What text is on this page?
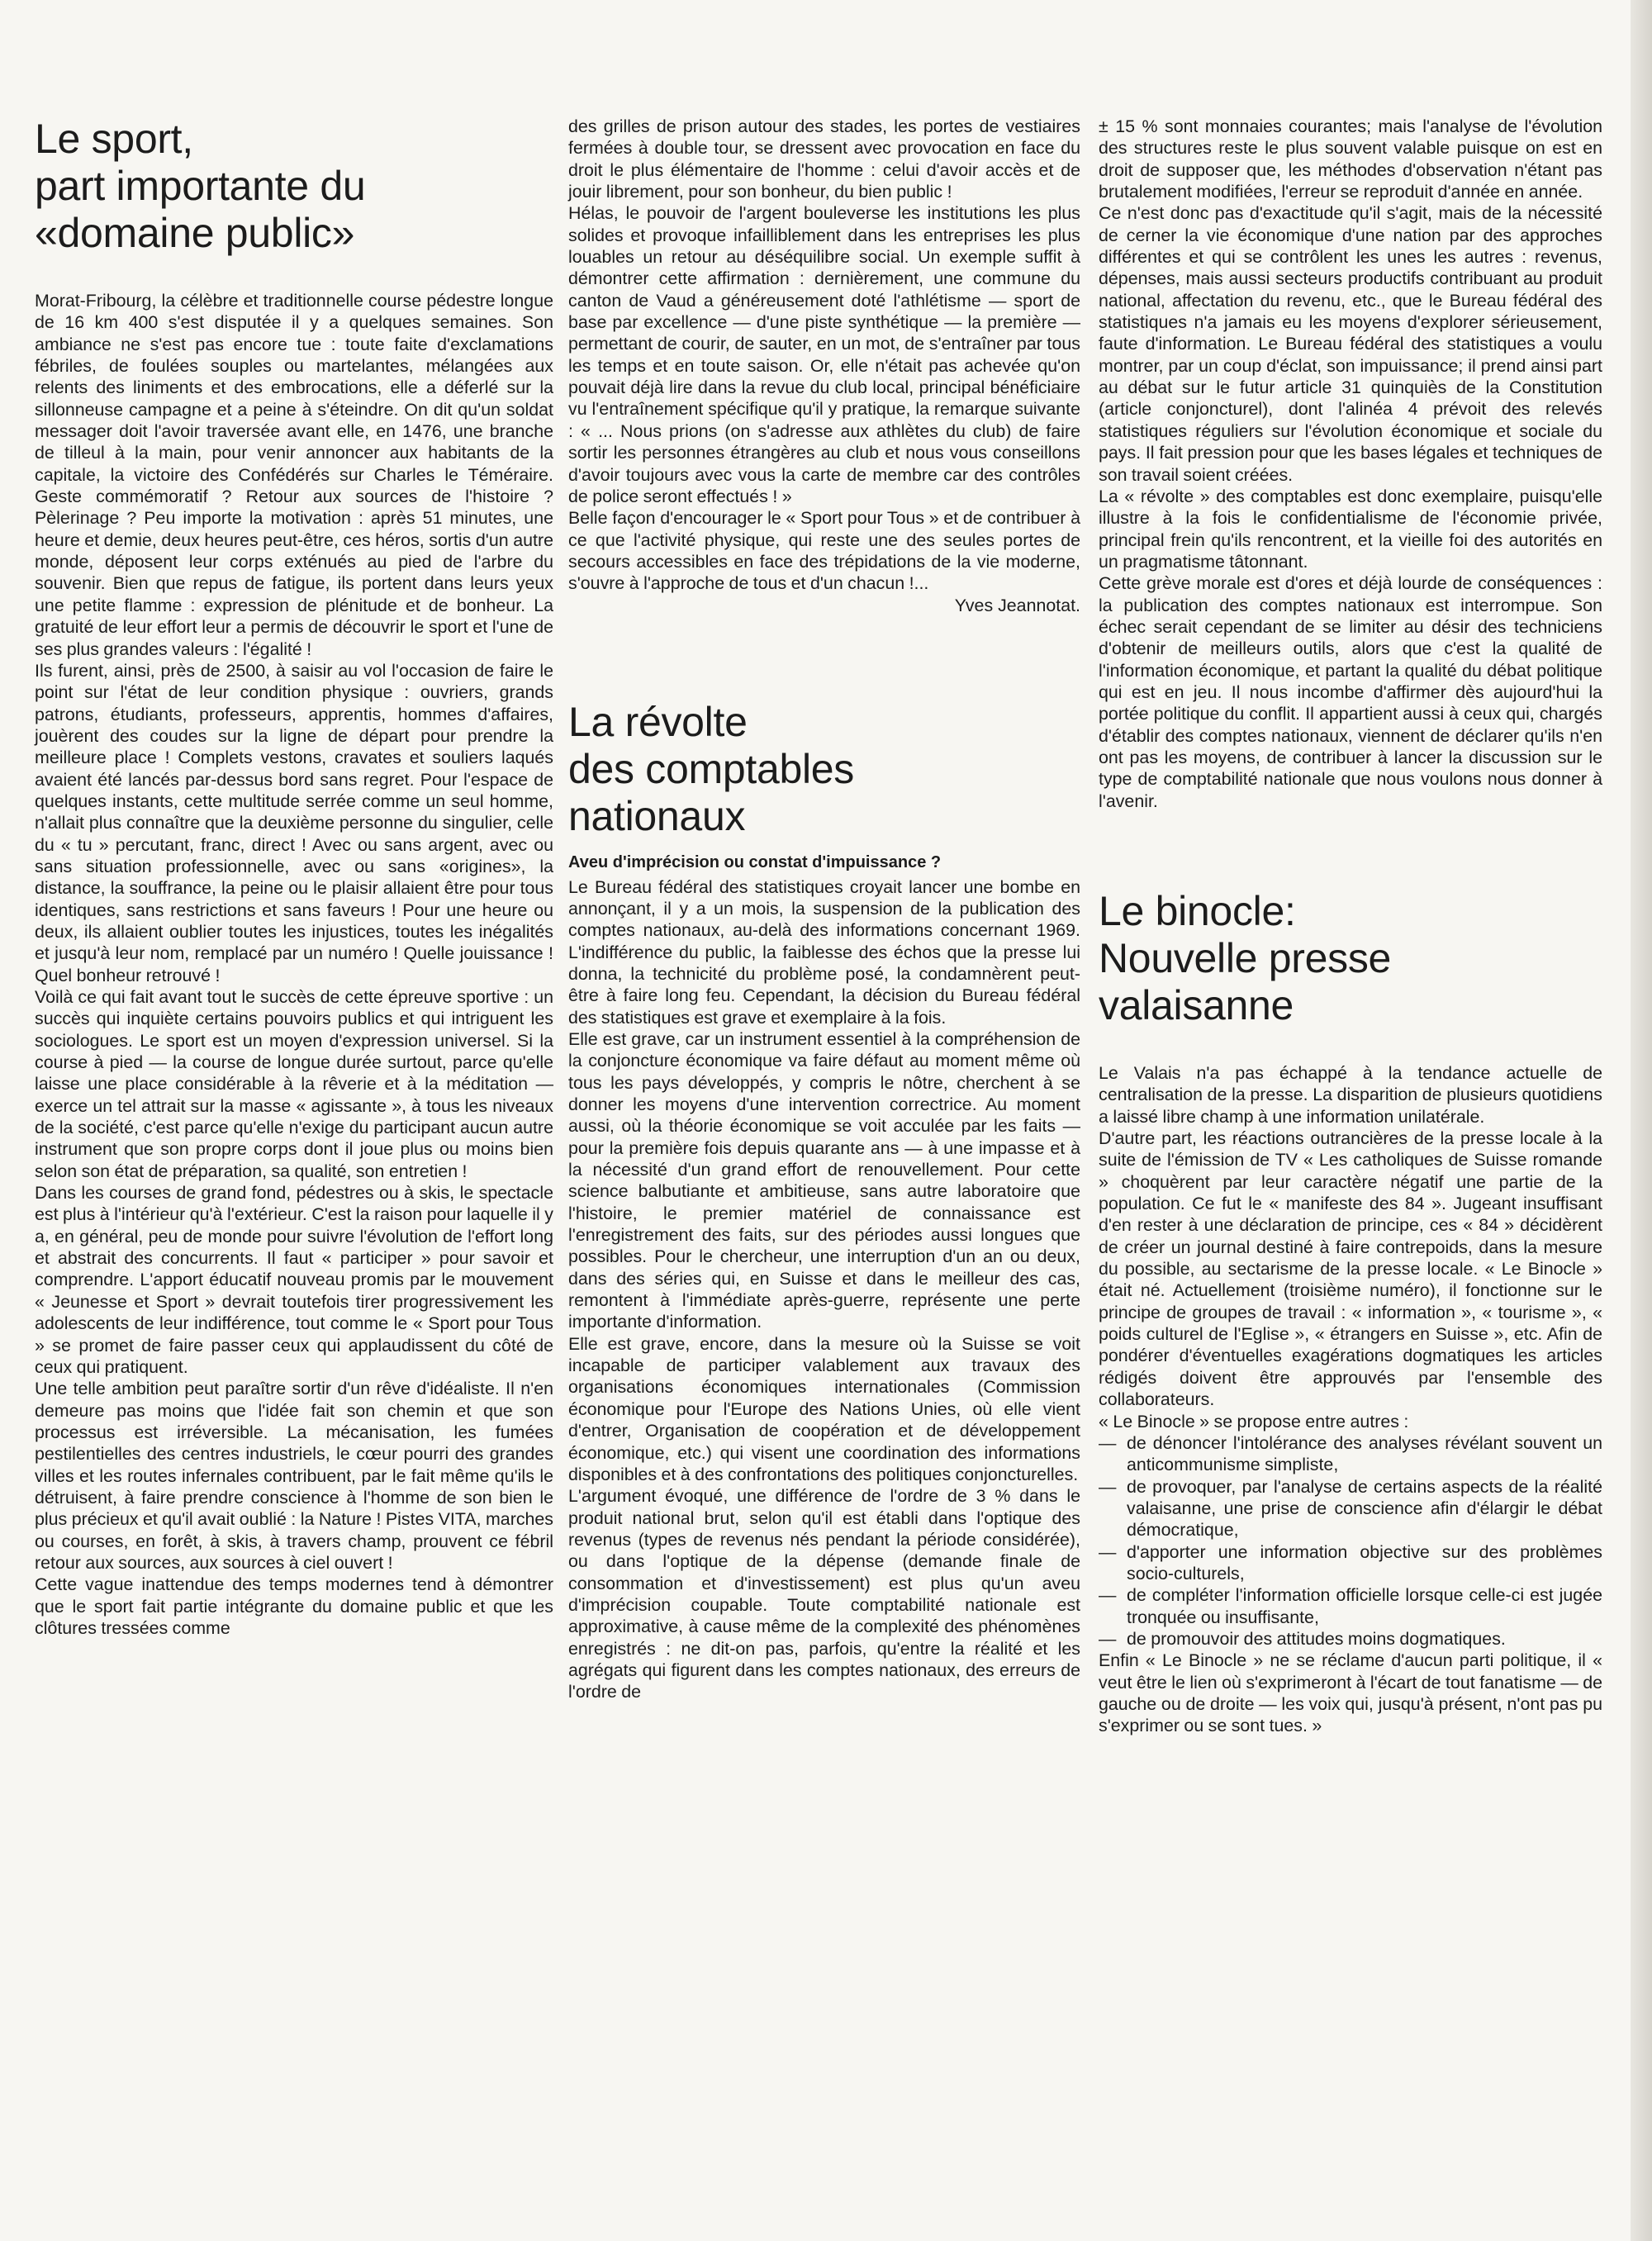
Le sport,
part importante du
«domaine public»

Morat-Fribourg, la célèbre et traditionnelle course pédestre longue de 16 km 400 s'est disputée il y a quelques semaines. Son ambiance ne s'est pas encore tue : toute faite d'exclamations fébriles, de foulées souples ou martelantes, mélangées aux relents des liniments et des embrocations, elle a déferlé sur la sillonneuse campagne et a peine à s'éteindre. On dit qu'un soldat messager doit l'avoir traversée avant elle, en 1476, une branche de tilleul à la main, pour venir annoncer aux habitants de la capitale, la victoire des Confédérés sur Charles le Téméraire. Geste commémoratif ? Retour aux sources de l'histoire ? Pèlerinage ? Peu importe la motivation : après 51 minutes, une heure et demie, deux heures peut-être, ces héros, sortis d'un autre monde, déposent leur corps exténués au pied de l'arbre du souvenir. Bien que repus de fatigue, ils portent dans leurs yeux une petite flamme : expression de plénitude et de bonheur. La gratuité de leur effort leur a permis de découvrir le sport et l'une de ses plus grandes valeurs : l'égalité !

Ils furent, ainsi, près de 2500, à saisir au vol l'occasion de faire le point sur l'état de leur condition physique : ouvriers, grands patrons, étudiants, professeurs, apprentis, hommes d'affaires, jouèrent des coudes sur la ligne de départ pour prendre la meilleure place ! Complets vestons, cravates et souliers laqués avaient été lancés par-dessus bord sans regret. Pour l'espace de quelques instants, cette multitude serrée comme un seul homme, n'allait plus connaître que la deuxième personne du singulier, celle du « tu » percutant, franc, direct ! Avec ou sans argent, avec ou sans situation professionnelle, avec ou sans «origines», la distance, la souffrance, la peine ou le plaisir allaient être pour tous identiques, sans restrictions et sans faveurs ! Pour une heure ou deux, ils allaient oublier toutes les injustices, toutes les inégalités et jusqu'à leur nom, remplacé par un numéro ! Quelle jouissance ! Quel bonheur retrouvé !

Voilà ce qui fait avant tout le succès de cette épreuve sportive : un succès qui inquiète certains pouvoirs publics et qui intriguent les sociologues. Le sport est un moyen d'expression universel. Si la course à pied — la course de longue durée surtout, parce qu'elle laisse une place considérable à la rêverie et à la méditation — exerce un tel attrait sur la masse « agissante », à tous les niveaux de la société, c'est parce qu'elle n'exige du participant aucun autre instrument que son propre corps dont il joue plus ou moins bien selon son état de préparation, sa qualité, son entretien !

Dans les courses de grand fond, pédestres ou à skis, le spectacle est plus à l'intérieur qu'à l'extérieur. C'est la raison pour laquelle il y a, en général, peu de monde pour suivre l'évolution de l'effort long et abstrait des concurrents. Il faut « participer » pour savoir et comprendre. L'apport éducatif nouveau promis par le mouvement « Jeunesse et Sport » devrait toutefois tirer progressivement les adolescents de leur indifférence, tout comme le « Sport pour Tous » se promet de faire passer ceux qui applaudissent du côté de ceux qui pratiquent.

Une telle ambition peut paraître sortir d'un rêve d'idéaliste. Il n'en demeure pas moins que l'idée fait son chemin et que son processus est irréversible. La mécanisation, les fumées pestilentielles des centres industriels, le cœur pourri des grandes villes et les routes infernales contribuent, par le fait même qu'ils le détruisent, à faire prendre conscience à l'homme de son bien le plus précieux et qu'il avait oublié : la Nature ! Pistes VITA, marches ou courses, en forêt, à skis, à travers champ, prouvent ce fébril retour aux sources, aux sources à ciel ouvert !

Cette vague inattendue des temps modernes tend à démontrer que le sport fait partie intégrante du domaine public et que les clôtures tressées comme

des grilles de prison autour des stades, les portes de vestiaires fermées à double tour, se dressent avec provocation en face du droit le plus élémentaire de l'homme : celui d'avoir accès et de jouir librement, pour son bonheur, du bien public !

Hélas, le pouvoir de l'argent bouleverse les institutions les plus solides et provoque infailliblement dans les entreprises les plus louables un retour au déséquilibre social. Un exemple suffit à démontrer cette affirmation : dernièrement, une commune du canton de Vaud a généreusement doté l'athlétisme — sport de base par excellence — d'une piste synthétique — la première — permettant de courir, de sauter, en un mot, de s'entraîner par tous les temps et en toute saison. Or, elle n'était pas achevée qu'on pouvait déjà lire dans la revue du club local, principal bénéficiaire vu l'entraînement spécifique qu'il y pratique, la remarque suivante : « ... Nous prions (on s'adresse aux athlètes du club) de faire sortir les personnes étrangères au club et nous vous conseillons d'avoir toujours avec vous la carte de membre car des contrôles de police seront effectués ! »

Belle façon d'encourager le « Sport pour Tous » et de contribuer à ce que l'activité physique, qui reste une des seules portes de secours accessibles en face des trépidations de la vie moderne, s'ouvre à l'approche de tous et d'un chacun !...

Yves Jeannotat.
La révolte
des comptables
nationaux
Aveu d'imprécision ou constat d'impuissance ?

Le Bureau fédéral des statistiques croyait lancer une bombe en annonçant, il y a un mois, la suspension de la publication des comptes nationaux, au-delà des informations concernant 1969. L'indifférence du public, la faiblesse des échos que la presse lui donna, la technicité du problème posé, la condamnèrent peut-être à faire long feu. Cependant, la décision du Bureau fédéral des statistiques est grave et exemplaire à la fois.

Elle est grave, car un instrument essentiel à la compréhension de la conjoncture économique va faire défaut au moment même où tous les pays développés, y compris le nôtre, cherchent à se donner les moyens d'une intervention correctrice. Au moment aussi, où la théorie économique se voit acculée par les faits — pour la première fois depuis quarante ans — à une impasse et à la nécessité d'un grand effort de renouvellement. Pour cette science balbutiante et ambitieuse, sans autre laboratoire que l'histoire, le premier matériel de connaissance est l'enregistrement des faits, sur des périodes aussi longues que possibles. Pour le chercheur, une interruption d'un an ou deux, dans des séries qui, en Suisse et dans le meilleur des cas, remontent à l'immédiate après-guerre, représente une perte importante d'information.

Elle est grave, encore, dans la mesure où la Suisse se voit incapable de participer valablement aux travaux des organisations économiques internationales (Commission économique pour l'Europe des Nations Unies, où elle vient d'entrer, Organisation de coopération et de développement économique, etc.) qui visent une coordination des informations disponibles et à des confrontations des politiques conjoncturelles.

L'argument évoqué, une différence de l'ordre de 3 % dans le produit national brut, selon qu'il est établi dans l'optique des revenus (types de revenus nés pendant la période considérée), ou dans l'optique de la dépense (demande finale de consommation et d'investissement) est plus qu'un aveu d'imprécision coupable. Toute comptabilité nationale est approximative, à cause même de la complexité des phénomènes enregistrés : ne dit-on pas, parfois, qu'entre la réalité et les agrégats qui figurent dans les comptes nationaux, des erreurs de l'ordre de

± 15 % sont monnaies courantes; mais l'analyse de l'évolution des structures reste le plus souvent valable puisque on est en droit de supposer que, les méthodes d'observation n'étant pas brutalement modifiées, l'erreur se reproduit d'année en année.

Ce n'est donc pas d'exactitude qu'il s'agit, mais de la nécessité de cerner la vie économique d'une nation par des approches différentes et qui se contrôlent les unes les autres : revenus, dépenses, mais aussi secteurs productifs contribuant au produit national, affectation du revenu, etc., que le Bureau fédéral des statistiques n'a jamais eu les moyens d'explorer sérieusement, faute d'information. Le Bureau fédéral des statistiques a voulu montrer, par un coup d'éclat, son impuissance; il prend ainsi part au débat sur le futur article 31 quinquiès de la Constitution (article conjoncturel), dont l'alinéa 4 prévoit des relevés statistiques réguliers sur l'évolution économique et sociale du pays. Il fait pression pour que les bases légales et techniques de son travail soient créées.

La « révolte » des comptables est donc exemplaire, puisqu'elle illustre à la fois le confidentialisme de l'économie privée, principal frein qu'ils rencontrent, et la vieille foi des autorités en un pragmatisme tâtonnant.

Cette grève morale est d'ores et déjà lourde de conséquences : la publication des comptes nationaux est interrompue. Son échec serait cependant de se limiter au désir des techniciens d'obtenir de meilleurs outils, alors que c'est la qualité de l'information économique, et partant la qualité du débat politique qui est en jeu. Il nous incombe d'affirmer dès aujourd'hui la portée politique du conflit. Il appartient aussi à ceux qui, chargés d'établir des comptes nationaux, viennent de déclarer qu'ils n'en ont pas les moyens, de contribuer à lancer la discussion sur le type de comptabilité nationale que nous voulons nous donner à l'avenir.

Le binocle:
Nouvelle presse
valaisanne

Le Valais n'a pas échappé à la tendance actuelle de centralisation de la presse. La disparition de plusieurs quotidiens a laissé libre champ à une information unilatérale.

D'autre part, les réactions outrancières de la presse locale à la suite de l'émission de TV « Les catholiques de Suisse romande » choquèrent par leur caractère négatif une partie de la population. Ce fut le « manifeste des 84 ». Jugeant insuffisant d'en rester à une déclaration de principe, ces « 84 » décidèrent de créer un journal destiné à faire contrepoids, dans la mesure du possible, au sectarisme de la presse locale. « Le Binocle » était né. Actuellement (troisième numéro), il fonctionne sur le principe de groupes de travail : « information », « tourisme », « poids culturel de l'Eglise », « étrangers en Suisse », etc. Afin de pondérer d'éventuelles exagérations dogmatiques les articles rédigés doivent être approuvés par l'ensemble des collaborateurs.

« Le Binocle » se propose entre autres :

— de dénoncer l'intolérance des analyses révélant souvent un anticommunisme simpliste,
— de provoquer, par l'analyse de certains aspects de la réalité valaisanne, une prise de conscience afin d'élargir le débat démocratique,
— d'apporter une information objective sur des problèmes socio-culturels,
— de compléter l'information officielle lorsque celle-ci est jugée tronquée ou insuffisante,
— de promouvoir des attitudes moins dogmatiques.

Enfin « Le Binocle » ne se réclame d'aucun parti politique, il « veut être le lien où s'exprimeront à l'écart de tout fanatisme — de gauche ou de droite — les voix qui, jusqu'à présent, n'ont pas pu s'exprimer ou se sont tues. »
